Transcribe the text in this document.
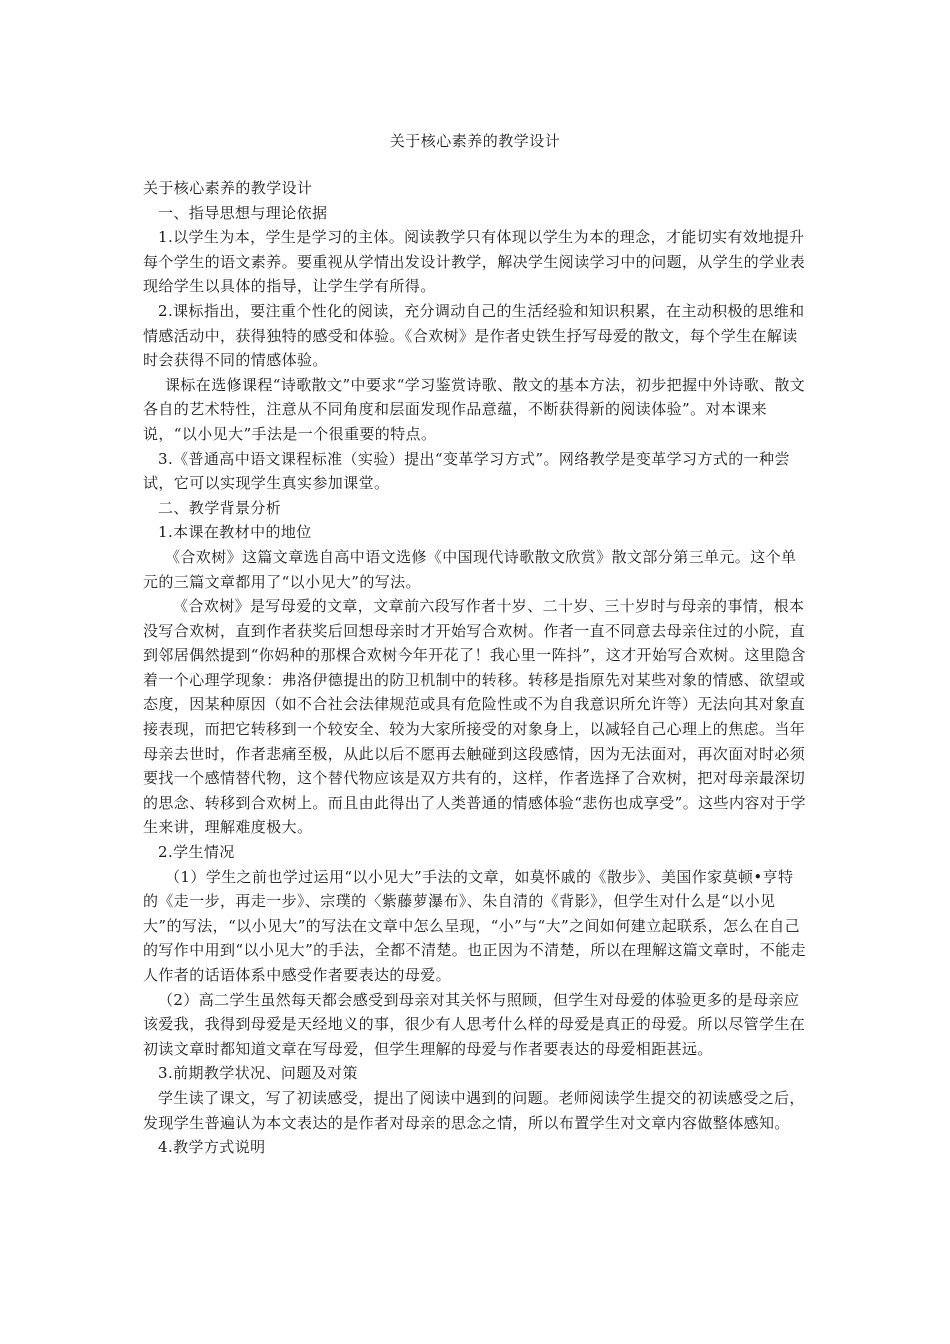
关于核心素养的教学设计

关于核心素养的教学设计

一、指导思想与理论依据

1.以学生为本，学生是学习的主体。阅读教学只有体现以学生为本的理念，才能切实有效地提升每个学生的语文素养。要重视从学情出发设计教学，解决学生阅读学习中的问题，从学生的学业表现给学生以具体的指导，让学生学有所得。

2.课标指出，要注重个性化的阅读，充分调动自己的生活经验和知识积累，在主动积极的思维和情感活动中，获得独特的感受和体验。《合欢树》是作者史铁生抒写母爱的散文，每个学生在解读时会获得不同的情感体验。

课标在选修课程“诗歌散文”中要求“学习鉴赏诗歌、散文的基本方法，初步把握中外诗歌、散文各自的艺术特性，注意从不同角度和层面发现作品意蕴，不断获得新的阅读体验”。对本课来说，“以小见大”手法是一个很重要的特点。

3.《普通高中语文课程标准（实验）提出“变革学习方式”。网络教学是变革学习方式的一种尝试，它可以实现学生真实参加课堂。

二、教学背景分析

1.本课在教材中的地位

《合欢树》这篇文章选自高中语文选修《中国现代诗歌散文欣赏》散文部分第三单元。这个单元的三篇文章都用了“以小见大”的写法。

《合欢树》是写母爱的文章，文章前六段写作者十岁、二十岁、三十岁时与母亲的事情，根本没写合欢树，直到作者获奖后回想母亲时才开始写合欢树。作者一直不同意去母亲住过的小院，直到邻居偶然提到“你妈种的那棵合欢树今年开花了！我心里一阵抖”，这才开始写合欢树。这里隐含着一个心理学现象：弗洛伊德提出的防卫机制中的转移。转移是指原先对某些对象的情感、欲望或态度，因某种原因（如不合社会法律规范或具有危险性或不为自我意识所允许等）无法向其对象直接表现，而把它转移到一个较安全、较为大家所接受的对象身上，以减轻自己心理上的焦虑。当年母亲去世时，作者悲痛至极，从此以后不愿再去触碰到这段感情，因为无法面对，再次面对时必须要找一个感情替代物，这个替代物应该是双方共有的，这样，作者选择了合欢树，把对母亲最深切的思念、转移到合欢树上。而且由此得出了人类普通的情感体验“悲伤也成享受”。这些内容对于学生来讲，理解难度极大。

2.学生情况

（1）学生之前也学过运用“以小见大”手法的文章，如莫怀戚的《散步》、美国作家莫顿•亨特的《走一步，再走一步》、宗璞的〈紫藤萝瀑布》、朱自清的《背影》，但学生对什么是“以小见大”的写法，“以小见大”的写法在文章中怎么呈现，“小”与“大”之间如何建立起联系，怎么在自己的写作中用到“以小见大”的手法，全都不清楚。也正因为不清楚，所以在理解这篇文章时，不能走人作者的话语体系中感受作者要表达的母爱。

（2）高二学生虽然每天都会感受到母亲对其关怀与照顾，但学生对母爱的体验更多的是母亲应该爱我，我得到母爱是天经地义的事，很少有人思考什么样的母爱是真正的母爱。所以尽管学生在初读文章时都知道文章在写母爱，但学生理解的母爱与作者要表达的母爱相距甚远。

3.前期教学状况、问题及对策

学生读了课文，写了初读感受，提出了阅读中遇到的问题。老师阅读学生提交的初读感受之后，发现学生普遍认为本文表达的是作者对母亲的思念之情，所以布置学生对文章内容做整体感知。

4.教学方式说明
